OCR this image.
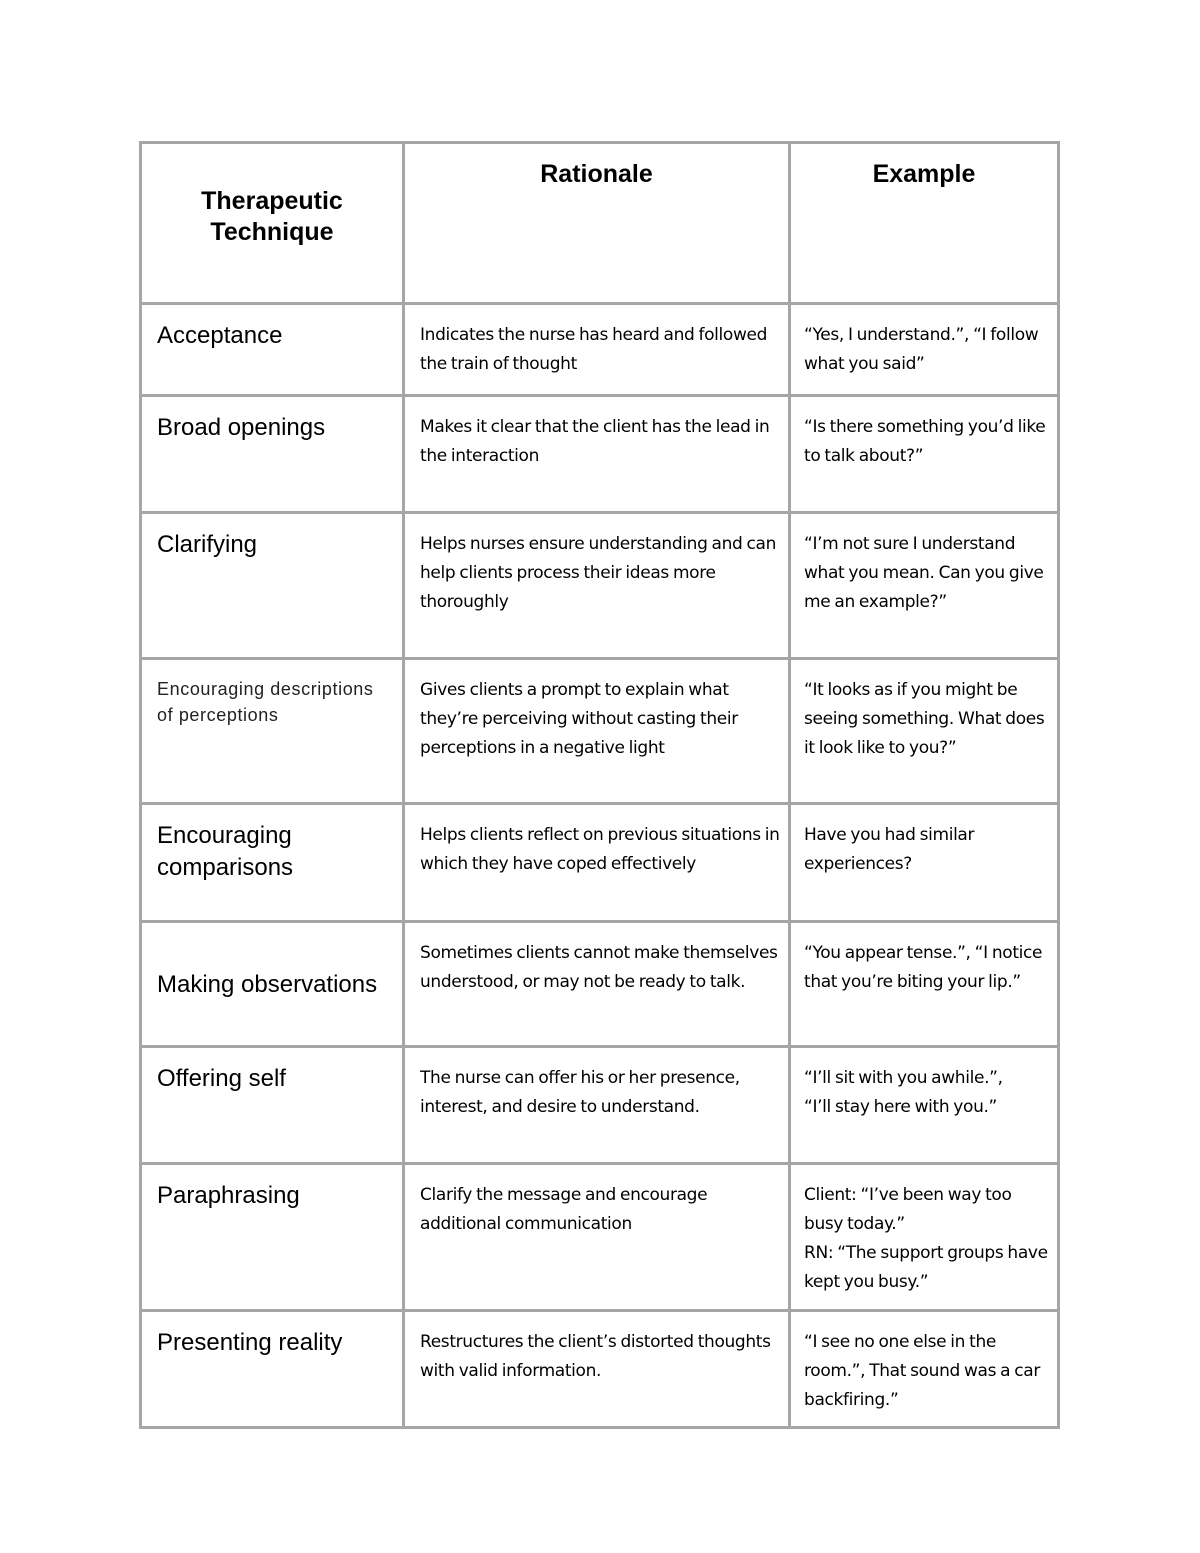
Therapeutic
Technique	Rationale	Example
Acceptance	Indicates the nurse has heard and followed the train of thought	“Yes, I understand.”, “I follow what you said”
Broad openings	Makes it clear that the client has the lead in the interaction	“Is there something you’d like
to talk about?”
Clarifying	Helps nurses ensure understanding and can help clients process their ideas more thoroughly	“I’m not sure I understand what you mean. Can you give me an example?”
Encouraging descriptions of perceptions	Gives clients a prompt to explain what they’re perceiving without casting their perceptions in a negative light	“It looks as if you might be seeing something. What does it look like to you?”
Encouraging comparisons	Helps clients reflect on previous situations in which they have coped effectively	Have you had similar experiences?
Making observations	Sometimes clients cannot make themselves understood, or may not be ready to talk.	“You appear tense.”, “I notice that you’re biting your lip.”
Offering self	The nurse can offer his or her presence, interest, and desire to understand.	“I’ll sit with you awhile.”,
“I’ll stay here with you.”
Paraphrasing	Clarify the message and encourage additional communication	Client: “I’ve been way too busy today.”
RN: “The support groups have kept you busy.”
Presenting reality	Restructures the client’s distorted thoughts with valid information.	“I see no one else in the room.”, That sound was a car backfiring.”
